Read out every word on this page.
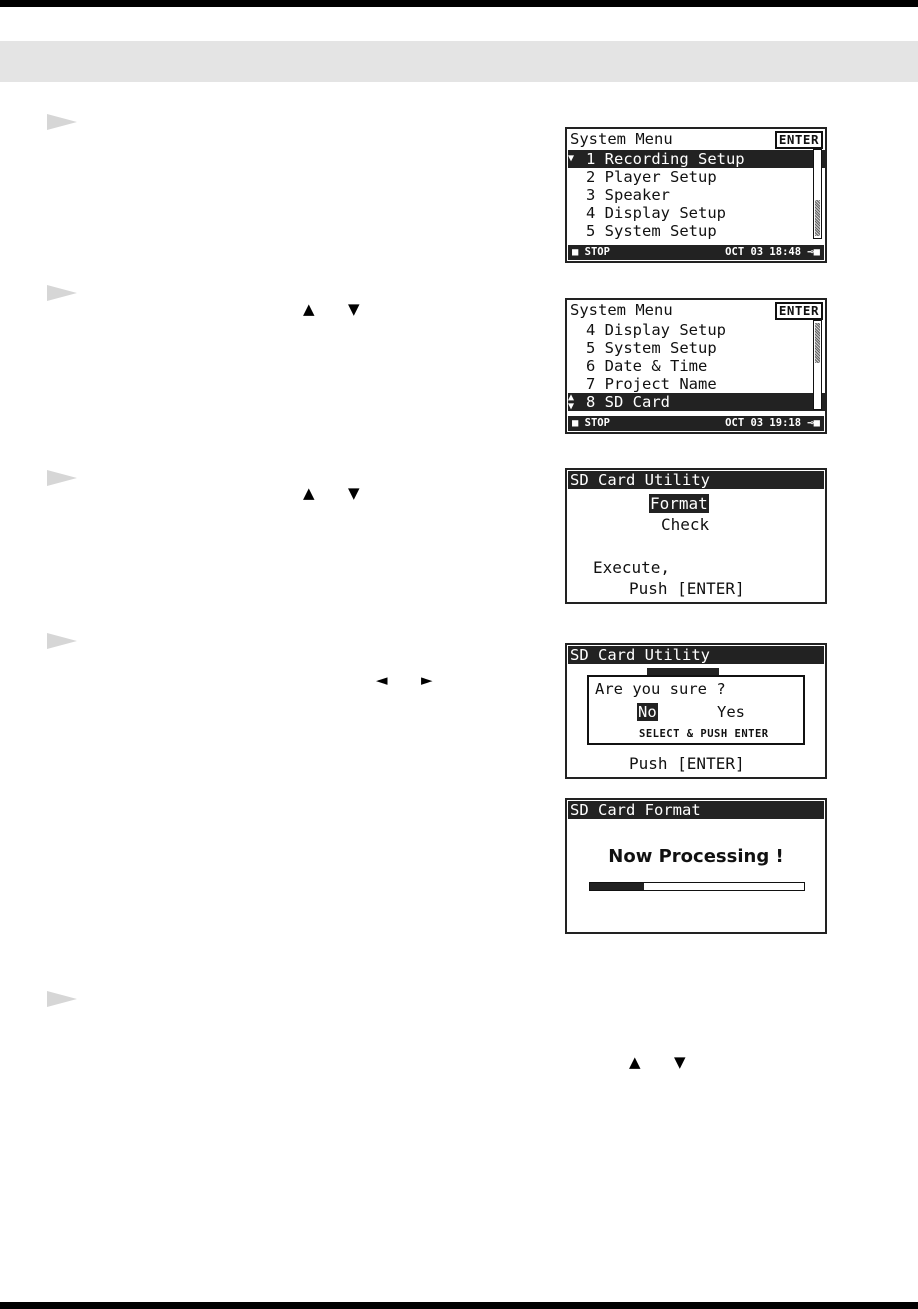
▲ ▼
▲ ▼
◄ ►
▲ ▼
System Menu	ENTER
1 Recording Setup
▼
2 Player Setup
3 Speaker
4 Display Setup
5 System Setup
■ STOP	OCT 03 18:48 ⊸■
System Menu	ENTER
4 Display Setup
5 System Setup
6 Date & Time
7 Project Name
8 SD Card
▲
▼
■ STOP	OCT 03 19:18 ⊸■
SD Card Utility
Format
Check
Execute,
Push [ENTER]
SD Card Utility
Push [ENTER]
Are you sure ?
No	Yes
SELECT & PUSH ENTER
SD Card Format
Now Processing !
